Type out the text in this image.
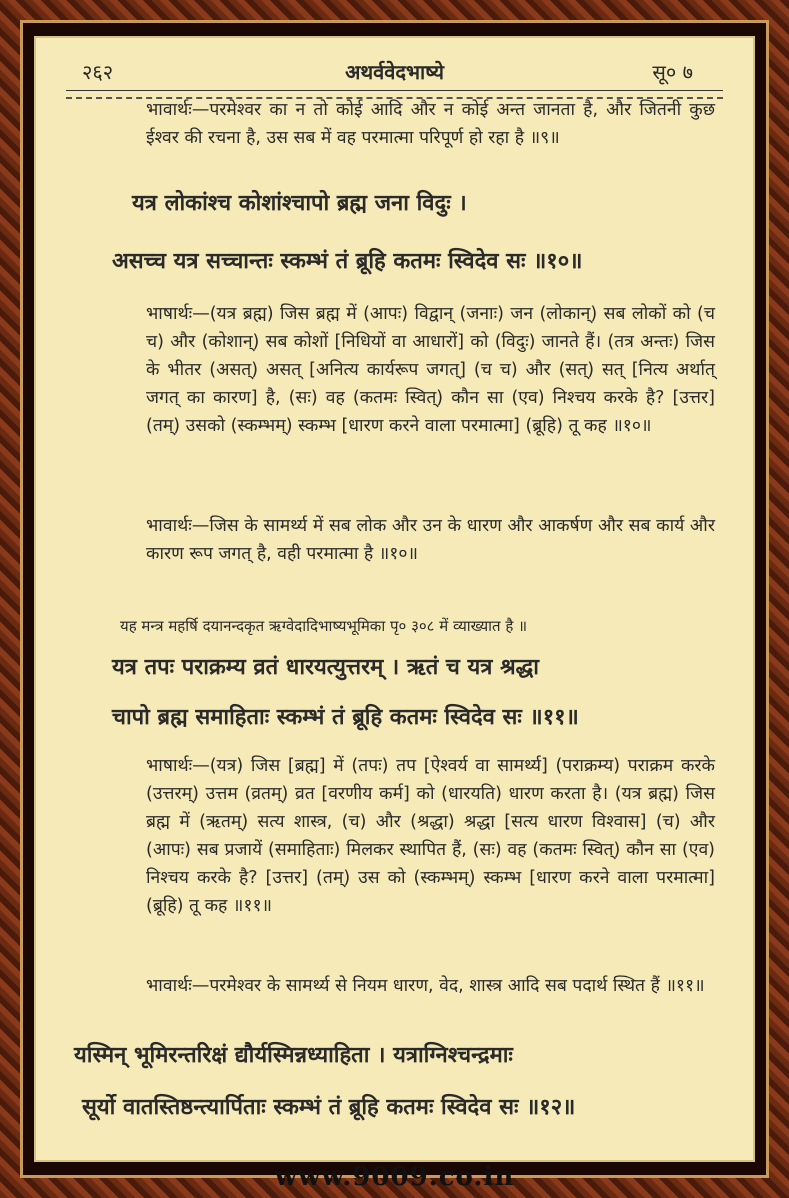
२६२	अथर्ववेदभाष्ये	सू० ७
भावार्थः—परमेश्वर का न तो कोई आदि और न कोई अन्त जानता है, और जितनी कुछ ईश्वर की रचना है, उस सब में वह परमात्मा परिपूर्ण हो रहा है ॥९॥
यत्र लोकांश्च कोशांश्चापो ब्रह्म जना विदुः ।
असच्च यत्र सच्चान्तः स्कम्भं तं ब्रूहि कतमः स्विदेव सः ॥१०॥
भाषार्थः—(यत्र ब्रह्म) जिस ब्रह्म में (आपः) विद्वान् (जनाः) जन (लोकान्) सब लोकों को (च च) और (कोशान्) सब कोशों [निधियों वा आधारों] को (विदुः) जानते हैं। (तत्र अन्तः) जिस के भीतर (असत्) असत् [अनित्य कार्यरूप जगत्] (च च) और (सत्) सत् [नित्य अर्थात् जगत् का कारण] है, (सः) वह (कतमः स्वित्) कौन सा (एव) निश्चय करके है? [उत्तर] (तम्) उसको (स्कम्भम्) स्कम्भ [धारण करने वाला परमात्मा] (ब्रूहि) तू कह ॥१०॥
भावार्थः—जिस के सामर्थ्य में सब लोक और उन के धारण और आकर्षण और सब कार्य और कारण रूप जगत् है, वही परमात्मा है ॥१०॥
यह मन्त्र महर्षि दयानन्दकृत ऋग्वेदादिभाष्यभूमिका पृ० ३०८ में व्याख्यात है ॥
यत्र तपः पराक्रम्य व्रतं धारयत्युत्तरम् । ऋतं च यत्र श्रद्धा
चापो ब्रह्म समाहिताः स्कम्भं तं ब्रूहि कतमः स्विदेव सः ॥११॥
भाषार्थः—(यत्र) जिस [ब्रह्म] में (तपः) तप [ऐश्वर्य वा सामर्थ्य] (पराक्रम्य) पराक्रम करके (उत्तरम्) उत्तम (व्रतम्) व्रत [वरणीय कर्म] को (धारयति) धारण करता है। (यत्र ब्रह्म) जिस ब्रह्म में (ऋतम्) सत्य शास्त्र, (च) और (श्रद्धा) श्रद्धा [सत्य धारण विश्वास] (च) और (आपः) सब प्रजायें (समाहिताः) मिलकर स्थापित हैं, (सः) वह (कतमः स्वित्) कौन सा (एव) निश्चय करके है? [उत्तर] (तम्) उस को (स्कम्भम्) स्कम्भ [धारण करने वाला परमात्मा] (ब्रूहि) तू कह ॥११॥
भावार्थः—परमेश्वर के सामर्थ्य से नियम धारण, वेद, शास्त्र आदि सब पदार्थ स्थित हैं ॥११॥
यस्मिन् भूमिरन्तरिक्षं द्यौर्यस्मिन्नध्याहिता । यत्राग्निश्चन्द्रमाः
सूर्यो वातस्तिष्ठन्त्यार्पिताः स्कम्भं तं ब्रूहि कतमः स्विदेव सः ॥१२॥
www.9009.co.in
